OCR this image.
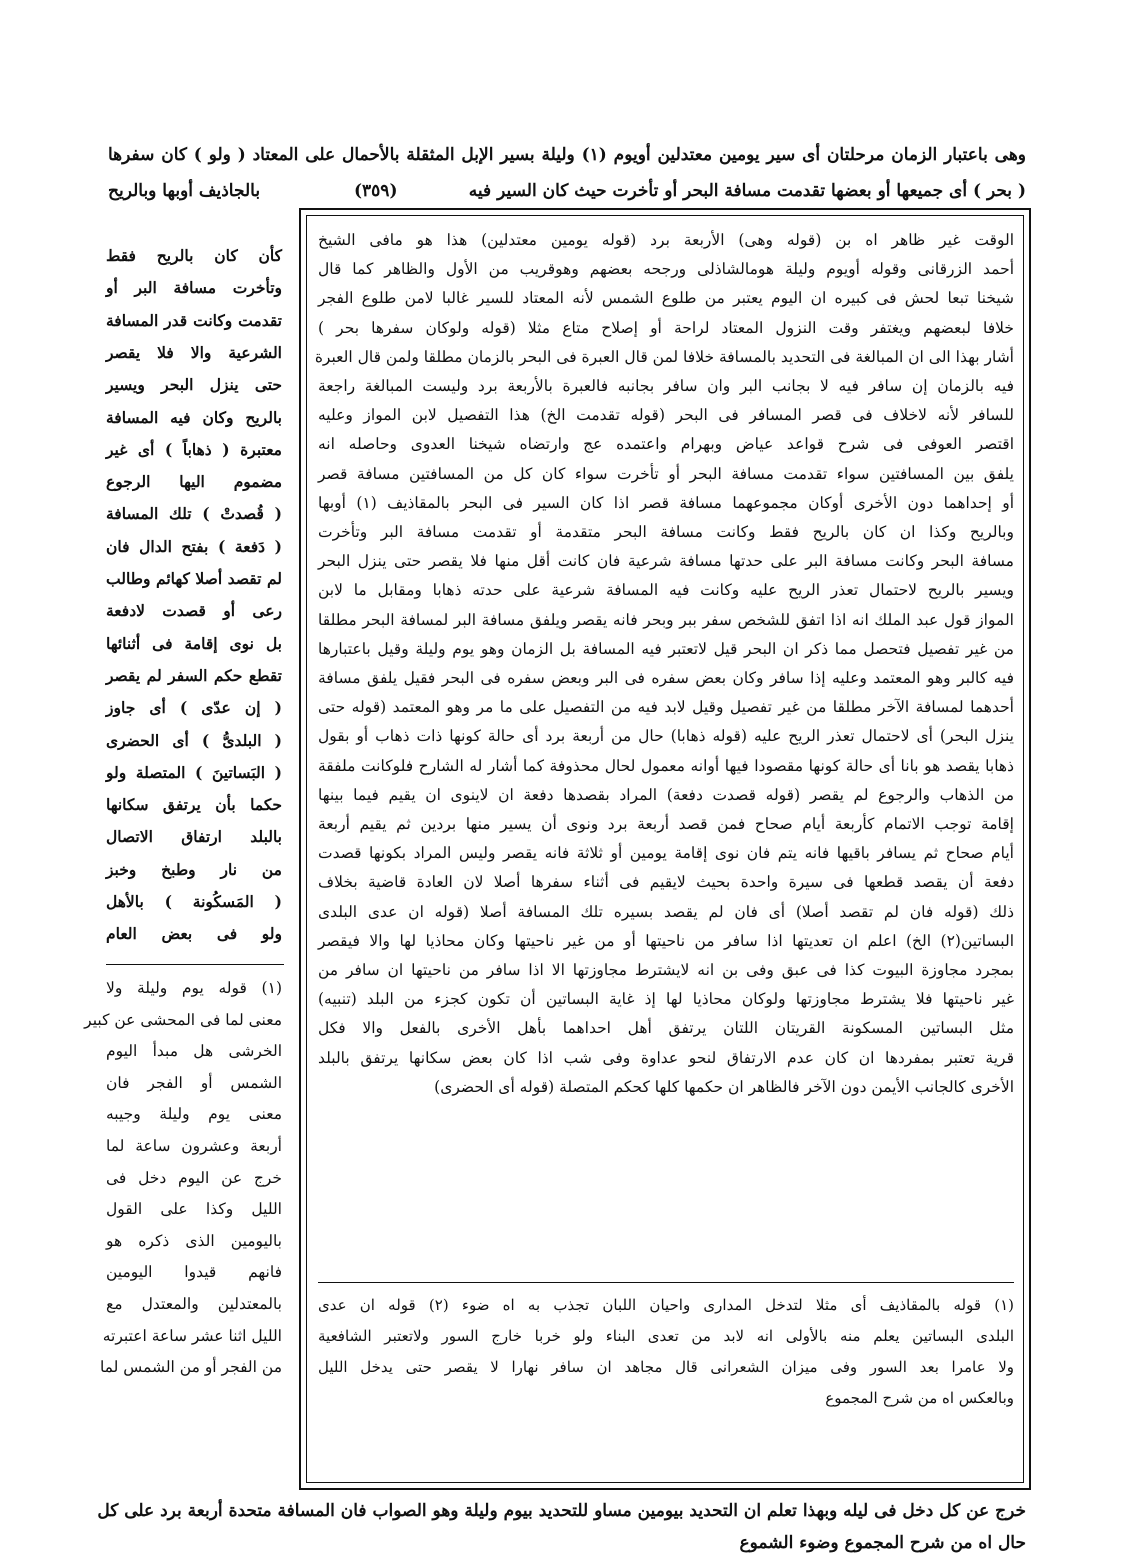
وهى باعتبار الزمان مرحلتان أى سير يومين معتدلين أويوم (١) وليلة بسير الإبل المثقلة بالأحمال على المعتاد ( ولو ) كان سفرها
( بحر ) أى جميعها أو بعضها تقدمت مسافة البحر أو تأخرت حيث كان السير فيه
(٣٥٩)
بالجاذيف أوبها وبالريح
الوقت غير ظاهر اه بن (قوله وهى) الأربعة برد (قوله يومين معتدلين) هذا هو مافى الشيخ
أحمد الزرقانى وقوله أويوم وليلة هومالشاذلى ورجحه بعضهم وهوقريب من الأول والظاهر كما قال
شيخنا تبعا لحش فى كبيره ان اليوم يعتبر من طلوع الشمس لأنه المعتاد للسير غالبا لامن طلوع الفجر
خلافا لبعضهم ويغتفر وقت النزول المعتاد لراحة أو إصلاح متاع مثلا (قوله ولوكان سفرها بحر )
أشار بهذا الى ان المبالغة فى التحديد بالمسافة خلافا لمن قال العبرة فى البحر بالزمان مطلقا ولمن قال العبرة
فيه بالزمان إن سافر فيه لا بجانب البر وان سافر بجانبه فالعبرة بالأربعة برد وليست المبالغة راجعة
للسافر لأنه لاخلاف فى قصر المسافر فى البحر (قوله تقدمت الخ) هذا التفصيل لابن المواز وعليه
اقتصر العوفى فى شرح قواعد عياض وبهرام واعتمده عج وارتضاه شيخنا العدوى وحاصله انه
يلفق بين المسافتين سواء تقدمت مسافة البحر أو تأخرت سواء كان كل من المسافتين مسافة قصر
أو إحداهما دون الأخرى أوكان مجموعهما مسافة قصر اذا كان السير فى البحر بالمقاذيف (١) أوبها
وبالريح وكذا ان كان بالريح فقط وكانت مسافة البحر متقدمة أو تقدمت مسافة البر وتأخرت
مسافة البحر وكانت مسافة البر على حدتها مسافة شرعية فان كانت أقل منها فلا يقصر حتى ينزل البحر
ويسير بالريح لاحتمال تعذر الريح عليه وكانت فيه المسافة شرعية على حدته ذهابا ومقابل ما لابن
المواز قول عبد الملك انه اذا اتفق للشخص سفر ببر وبحر فانه يقصر ويلفق مسافة البر لمسافة البحر مطلقا
من غير تفصيل فتحصل مما ذكر ان البحر قيل لاتعتبر فيه المسافة بل الزمان وهو يوم وليلة وقيل باعتبارها
فيه كالبر وهو المعتمد وعليه إذا سافر وكان بعض سفره فى البر وبعض سفره فى البحر فقيل يلفق مسافة
أحدهما لمسافة الآخر مطلقا من غير تفصيل وقيل لابد فيه من التفصيل على ما مر وهو المعتمد (قوله حتى
ينزل البحر) أى لاحتمال تعذر الريح عليه (قوله ذهابا) حال من أربعة برد أى حالة كونها ذات ذهاب أو بقول
ذهابا يقصد هو بانا أى حالة كونها مقصودا فيها أوانه معمول لحال محذوفة كما أشار له الشارح فلوكانت ملفقة
من الذهاب والرجوع لم يقصر (قوله قصدت دفعة) المراد بقصدها دفعة ان لاينوى ان يقيم فيما بينها
إقامة توجب الاتمام كأربعة أيام صحاح فمن قصد أربعة برد ونوى أن يسير منها بردين ثم يقيم أربعة
أيام صحاح ثم يسافر باقيها فانه يتم فان نوى إقامة يومين أو ثلاثة فانه يقصر وليس المراد بكونها قصدت
دفعة أن يقصد قطعها فى سيرة واحدة بحيث لايقيم فى أثناء سفرها أصلا لان العادة قاضية بخلاف
ذلك (قوله فان لم تقصد أصلا) أى فان لم يقصد بسيره تلك المسافة أصلا (قوله ان عدى البلدى
البساتين(٢) الخ) اعلم ان تعديتها اذا سافر من ناحيتها أو من غير ناحيتها وكان محاذيا لها والا فيقصر
بمجرد مجاوزة البيوت كذا فى عبق وفى بن انه لايشترط مجاوزتها الا اذا سافر من ناحيتها ان سافر من
غير ناحيتها فلا يشترط مجاوزتها ولوكان محاذيا لها إذ غاية البساتين أن تكون كجزء من البلد (تنبيه)
مثل البساتين المسكونة القريتان اللتان يرتفق أهل احداهما بأهل الأخرى بالفعل والا فكل
قرية تعتبر بمفردها ان كان عدم الارتفاق لنحو عداوة وفى شب اذا كان بعض سكانها يرتفق بالبلد
الأخرى كالجانب الأيمن دون الآخر فالظاهر ان حكمها كلها كحكم المتصلة (قوله أى الحضرى)
(١) قوله بالمقاذيف أى مثلا لتدخل المدارى واحيان اللبان تجذب به اه ضوء (٢) قوله ان عدى
البلدى البساتين يعلم منه بالأولى انه لابد من تعدى البناء ولو خربا خارج السور ولاتعتبر الشافعية
ولا عامرا بعد السور وفى ميزان الشعرانى قال مجاهد ان سافر نهارا لا يقصر حتى يدخل الليل
وبالعكس اه من شرح المجموع
كأن كان بالريح فقط
وتأخرت مسافة البر أو
تقدمت وكانت قدر المسافة
الشرعية والا فلا يقصر
حتى ينزل البحر ويسير
بالريح وكان فيه المسافة
معتبرة ( ذهاباً ) أى غير
مضموم اليها الرجوع
( قُصدتْ ) تلك المسافة
( دَفعة ) بفتح الدال فان
لم تقصد أصلا كهائم وطالب
رعى أو قصدت لادفعة
بل نوى إقامة فى أثنائها
تقطع حكم السفر لم يقصر
( إن عدّى ) أى جاوز
( البلدىُّ ) أى الحضرى
( البَساتينَ ) المتصلة ولو
حكما بأن يرتفق سكانها
بالبلد ارتفاق الاتصال
من نار وطبخ وخبز
( المَسكُونة ) بالأهل
ولو فى بعض العام
(١) قوله يوم وليلة ولا
معنى لما فى المحشى عن كبير
الخرشى هل مبدأ اليوم
الشمس أو الفجر فان
معنى يوم وليلة وجيبه
أربعة وعشرون ساعة لما
خرج عن اليوم دخل فى
الليل وكذا على القول
باليومين الذى ذكره هو
فانهم قيدوا اليومين
بالمعتدلين والمعتدل مع
الليل اثنا عشر ساعة اعتبرته
من الفجر أو من الشمس لما
خرج عن كل دخل فى ليله وبهذا تعلم ان التحديد بيومين مساو للتحديد بيوم وليلة وهو الصواب فان المسافة متحدة أربعة برد على كل
حال اه من شرح المجموع وضوء الشموع
